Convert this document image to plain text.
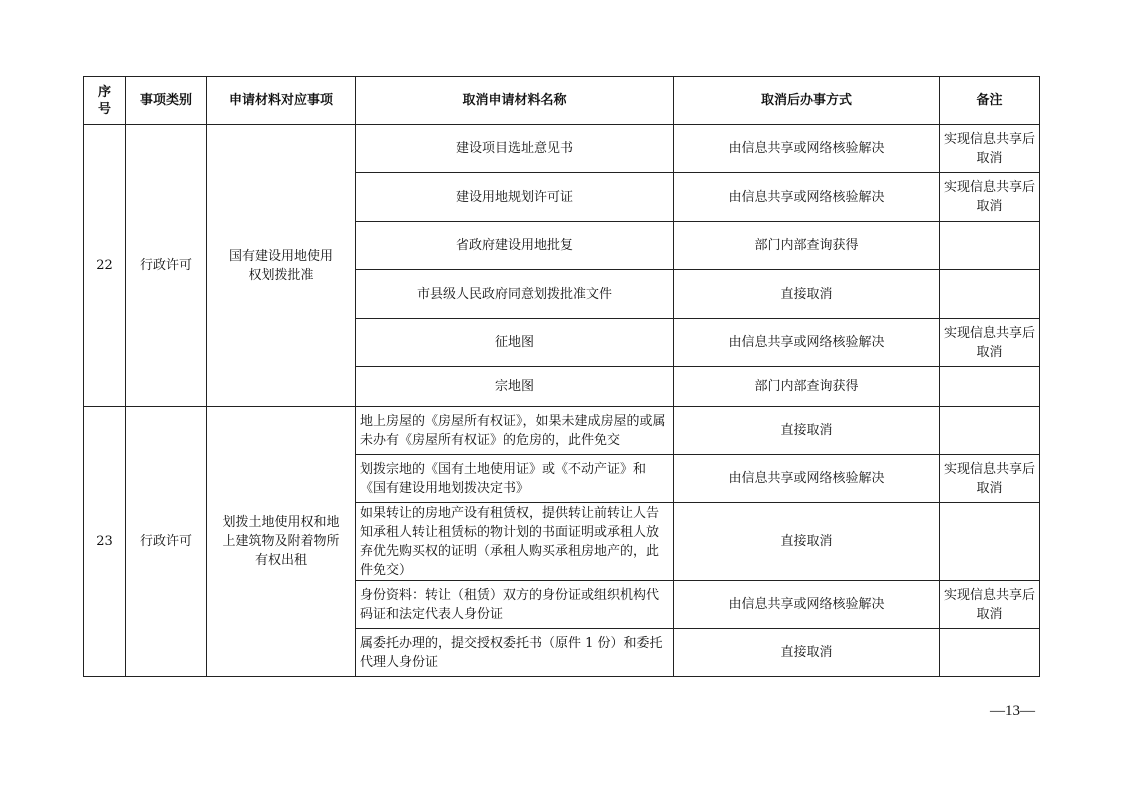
序
号	事项类别	申请材料对应事项	取消申请材料名称	取消后办事方式	备注
22	行政许可	国有建设用地使用权划拨批准	建设项目选址意见书	由信息共享或网络核验解决	实现信息共享后取消
			建设用地规划许可证	由信息共享或网络核验解决	实现信息共享后取消
			省政府建设用地批复	部门内部查询获得	
			市县级人民政府同意划拨批准文件	直接取消	
			征地图	由信息共享或网络核验解决	实现信息共享后取消
			宗地图	部门内部查询获得	
23	行政许可	划拨土地使用权和地上建筑物及附着物所有权出租	地上房屋的《房屋所有权证》，如果未建成房屋的或属未办有《房屋所有权证》的危房的，此件免交	直接取消	
			划拨宗地的《国有土地使用证》或《不动产证》和《国有建设用地划拨决定书》	由信息共享或网络核验解决	实现信息共享后取消
			如果转让的房地产设有租赁权，提供转让前转让人告知承租人转让租赁标的物计划的书面证明或承租人放弃优先购买权的证明（承租人购买承租房地产的，此件免交）	直接取消	
			身份资料：转让（租赁）双方的身份证或组织机构代码证和法定代表人身份证	由信息共享或网络核验解决	实现信息共享后取消
			属委托办理的，提交授权委托书（原件 1 份）和委托代理人身份证	直接取消	
—13—
